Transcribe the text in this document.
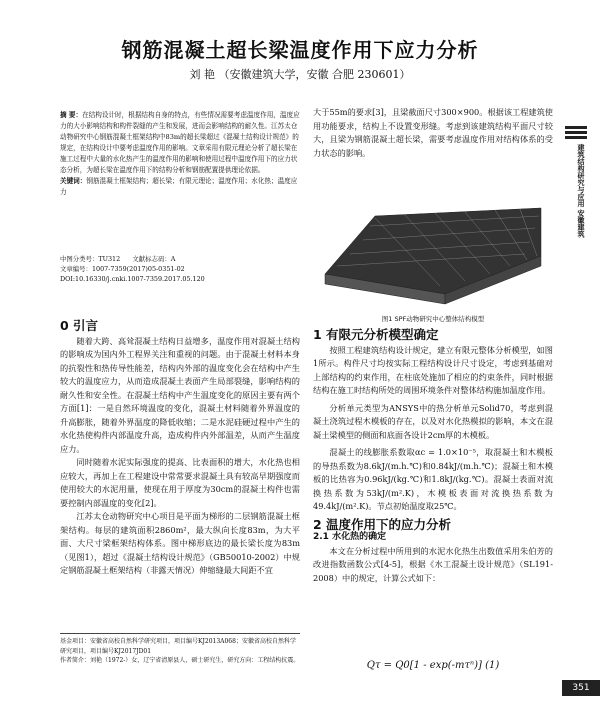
钢筋混凝土超长梁温度作用下应力分析
刘 艳 （安徽建筑大学，安徽 合肥 230601）
摘 要：在结构设计时，根据结构自身的特点，有些情况需要考虑温度作用，温度应力的大小影响结构和构件裂缝的产生和发展，进而会影响结构的耐久性。江苏太仓动物研究中心钢筋混凝土框架结构中83m的超长梁超过《混凝土结构设计规范》的规定，在结构设计中要考虑温度作用的影响。文章采用有限元理论分析了超长梁在施工过程中大量的水化热产生的温度作用的影响和使用过程中温度作用下的应力状态分析，为超长梁在温度作用下的结构分析和钢筋配置提供理论依据。
关键词：钢筋混凝土框架结构；超长梁；有限元理论；温度作用；水化热；温度应力
中图分类号：TU312 文献标志码：A
文章编号：1007-7359(2017)05-0351-02
DOI:10.16330/j.cnki.1007-7359.2017.05.120
0 引言

随着大跨、高耸混凝土结构日益增多，温度作用对混凝土结构的影响成为国内外工程界关注和重视的问题。由于混凝土材料本身的抗裂性和热传导性能差，结构内外部的温度变化会在结构中产生较大的温度应力，从而造成混凝土表面产生局部裂缝，影响结构的耐久性和安全性。在混凝土结构中产生温度变化的原因主要有两个方面[1]：一是自然环境温度的变化，混凝土材料随着外界温度的升高膨胀，随着外界温度的降低收缩；二是水泥硅硬过程中产生的水化热使构件内部温度升高，造成构件内外部温差，从而产生温度应力。

同时随着水泥实际强度的提高、比表面积的增大，水化热也相应较大，再加上在工程建设中常常要求混凝土具有较高早期强度而使用较大的水泥用量，使现在用于厚度为30cm的混凝土构件也需要控制内部温度的变化[2]。

江苏太仓动物研究中心项目是平面为梯形的二层钢筋混凝土框架结构。每层的建筑面积2860m²，最大纵向长度83m，为大平面、大尺寸梁框架结构体系。图中梯形底边的最长梁长度为83m（见图1），超过《混凝土结构设计规范》（GB50010-2002）中规定钢筋混凝土框架结构（非露天情况）伸缩缝最大间距不宜

大于55m的要求[3]，且梁截面尺寸300×900。根据该工程建筑使用功能要求，结构上不设置变形缝。考虑到该建筑结构平面尺寸较大，且梁为钢筋混凝土超长梁，需要考虑温度作用对结构体系的受力状态的影响。

图1 SPF动物研究中心整体结构模型
1 有限元分析模型确定

按照工程建筑结构设计规定，建立有限元整体分析模型，如图1所示。构件尺寸均按实际工程结构设计尺寸设定，考虑到基础对上部结构的约束作用，在柱底处施加了相应的约束条件，同时根据结构在施工时结构所处的周围环境条件对整体结构施加温度作用。

分析单元类型为ANSYS中的热分析单元Solid70，考虑到混凝土浇筑过程木模板的存在，以及对水化热模拟的影响，本文在混凝土梁模型的侧面和底面各设计2cm厚的木模板。

混凝土的线膨胀系数取αc = 1.0×10⁻⁵，取混凝土和木模板的导热系数为8.6kJ/(m.h.℃)和0.84kJ/(m.h.℃)；混凝土和木模板的比热容为0.96kJ/(kg.℃)和1.8kJ/(kg.℃)。混凝土表面对流换热系数为53kJ/(m².K)，木模板表面对流换热系数为49.4kJ/(m².K)。节点初始温度取25℃。

2 温度作用下的应力分析
2.1 水化热的确定

本文在分析过程中所用到的水泥水化热生出数值采用朱伯芳的改进指数函数公式[4-5]，根据《水工混凝土设计规范》（SL191-2008）中的规定，计算公式如下：

Qτ = Q0[1 - exp(-mτⁿ)] (1)
基金项目：安徽省高校自然科学研究项目，项目编号KJ2013A068；安徽省高校自然科学研究项目，项目编号KJ2017JD01
作者简介：刘艳（1972-）女，辽宁省清原县人，硕士研究生，研究方向：工程结构抗震。
建筑结构研究与应用 安徽建筑
351
